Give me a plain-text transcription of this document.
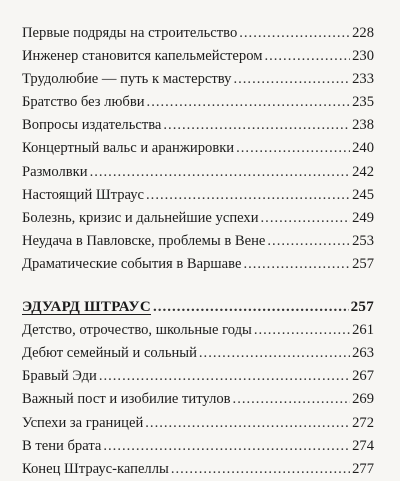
Первые подряды на строительство .....	228
Инженер становится капельмейстером .....	230
Трудолюбие — путь к мастерству .....	233
Братство без любви .....	235
Вопросы издательства .....	238
Концертный вальс и аранжировки .....	240
Размолвки .....	242
Настоящий Штраус .....	245
Болезнь, кризис и дальнейшие успехи .....	249
Неудача в Павловске, проблемы в Вене .....	253
Драматические события в Варшаве .....	257
ЭДУАРД ШТРАУС .....	257
Детство, отрочество, школьные годы .....	261
Дебют семейный и сольный .....	263
Бравый Эди .....	267
Важный пост и изобилие титулов .....	269
Успехи за границей .....	272
В тени брата .....	274
Конец Штраус-капеллы .....	277
